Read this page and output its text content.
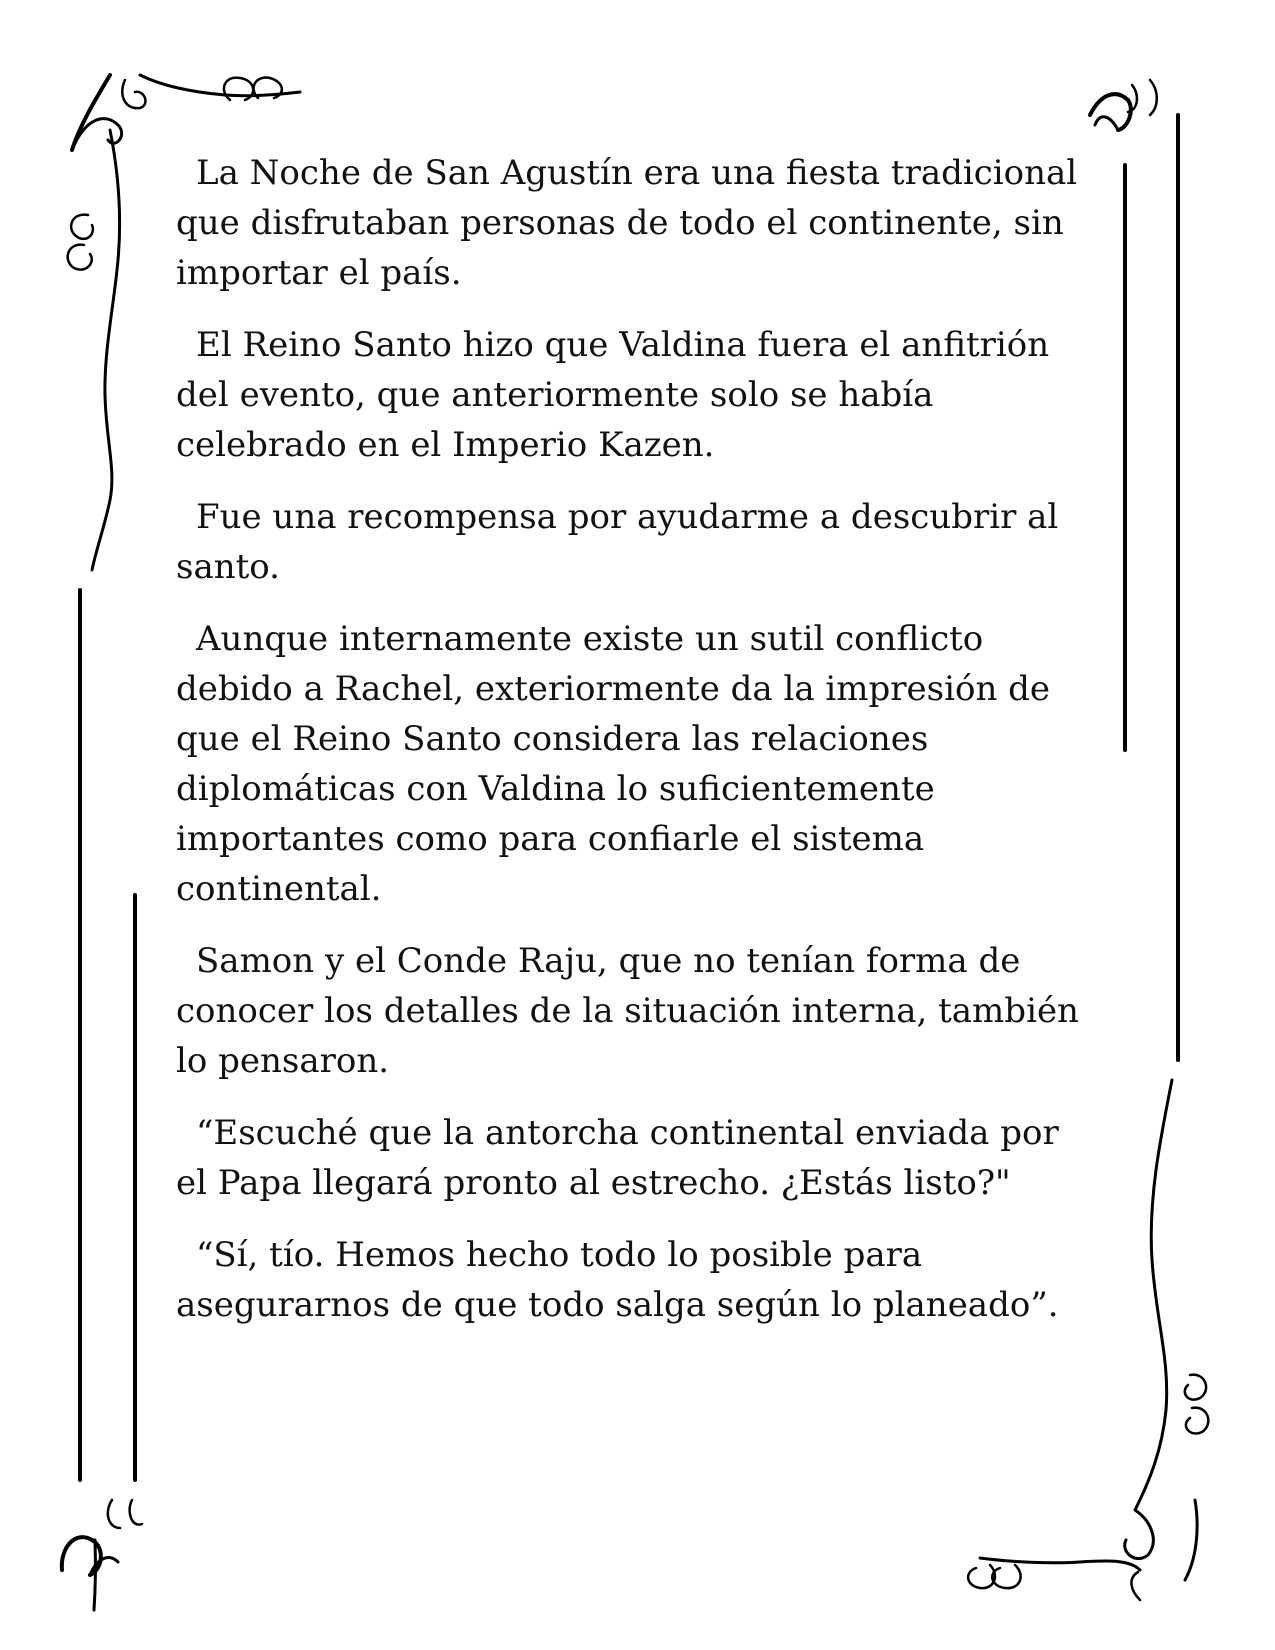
La Noche de San Agustín era una fiesta tradicional que disfrutaban personas de todo el continente, sin importar el país.

El Reino Santo hizo que Valdina fuera el anfitrión del evento, que anteriormente solo se había celebrado en el Imperio Kazen.

Fue una recompensa por ayudarme a descubrir al santo.

Aunque internamente existe un sutil conflicto debido a Rachel, exteriormente da la impresión de que el Reino Santo considera las relaciones diplomáticas con Valdina lo suficientemente importantes como para confiarle el sistema continental.

Samon y el Conde Raju, que no tenían forma de conocer los detalles de la situación interna, también lo pensaron.

“Escuché que la antorcha continental enviada por el Papa llegará pronto al estrecho. ¿Estás listo?"

“Sí, tío. Hemos hecho todo lo posible para asegurarnos de que todo salga según lo planeado”.
